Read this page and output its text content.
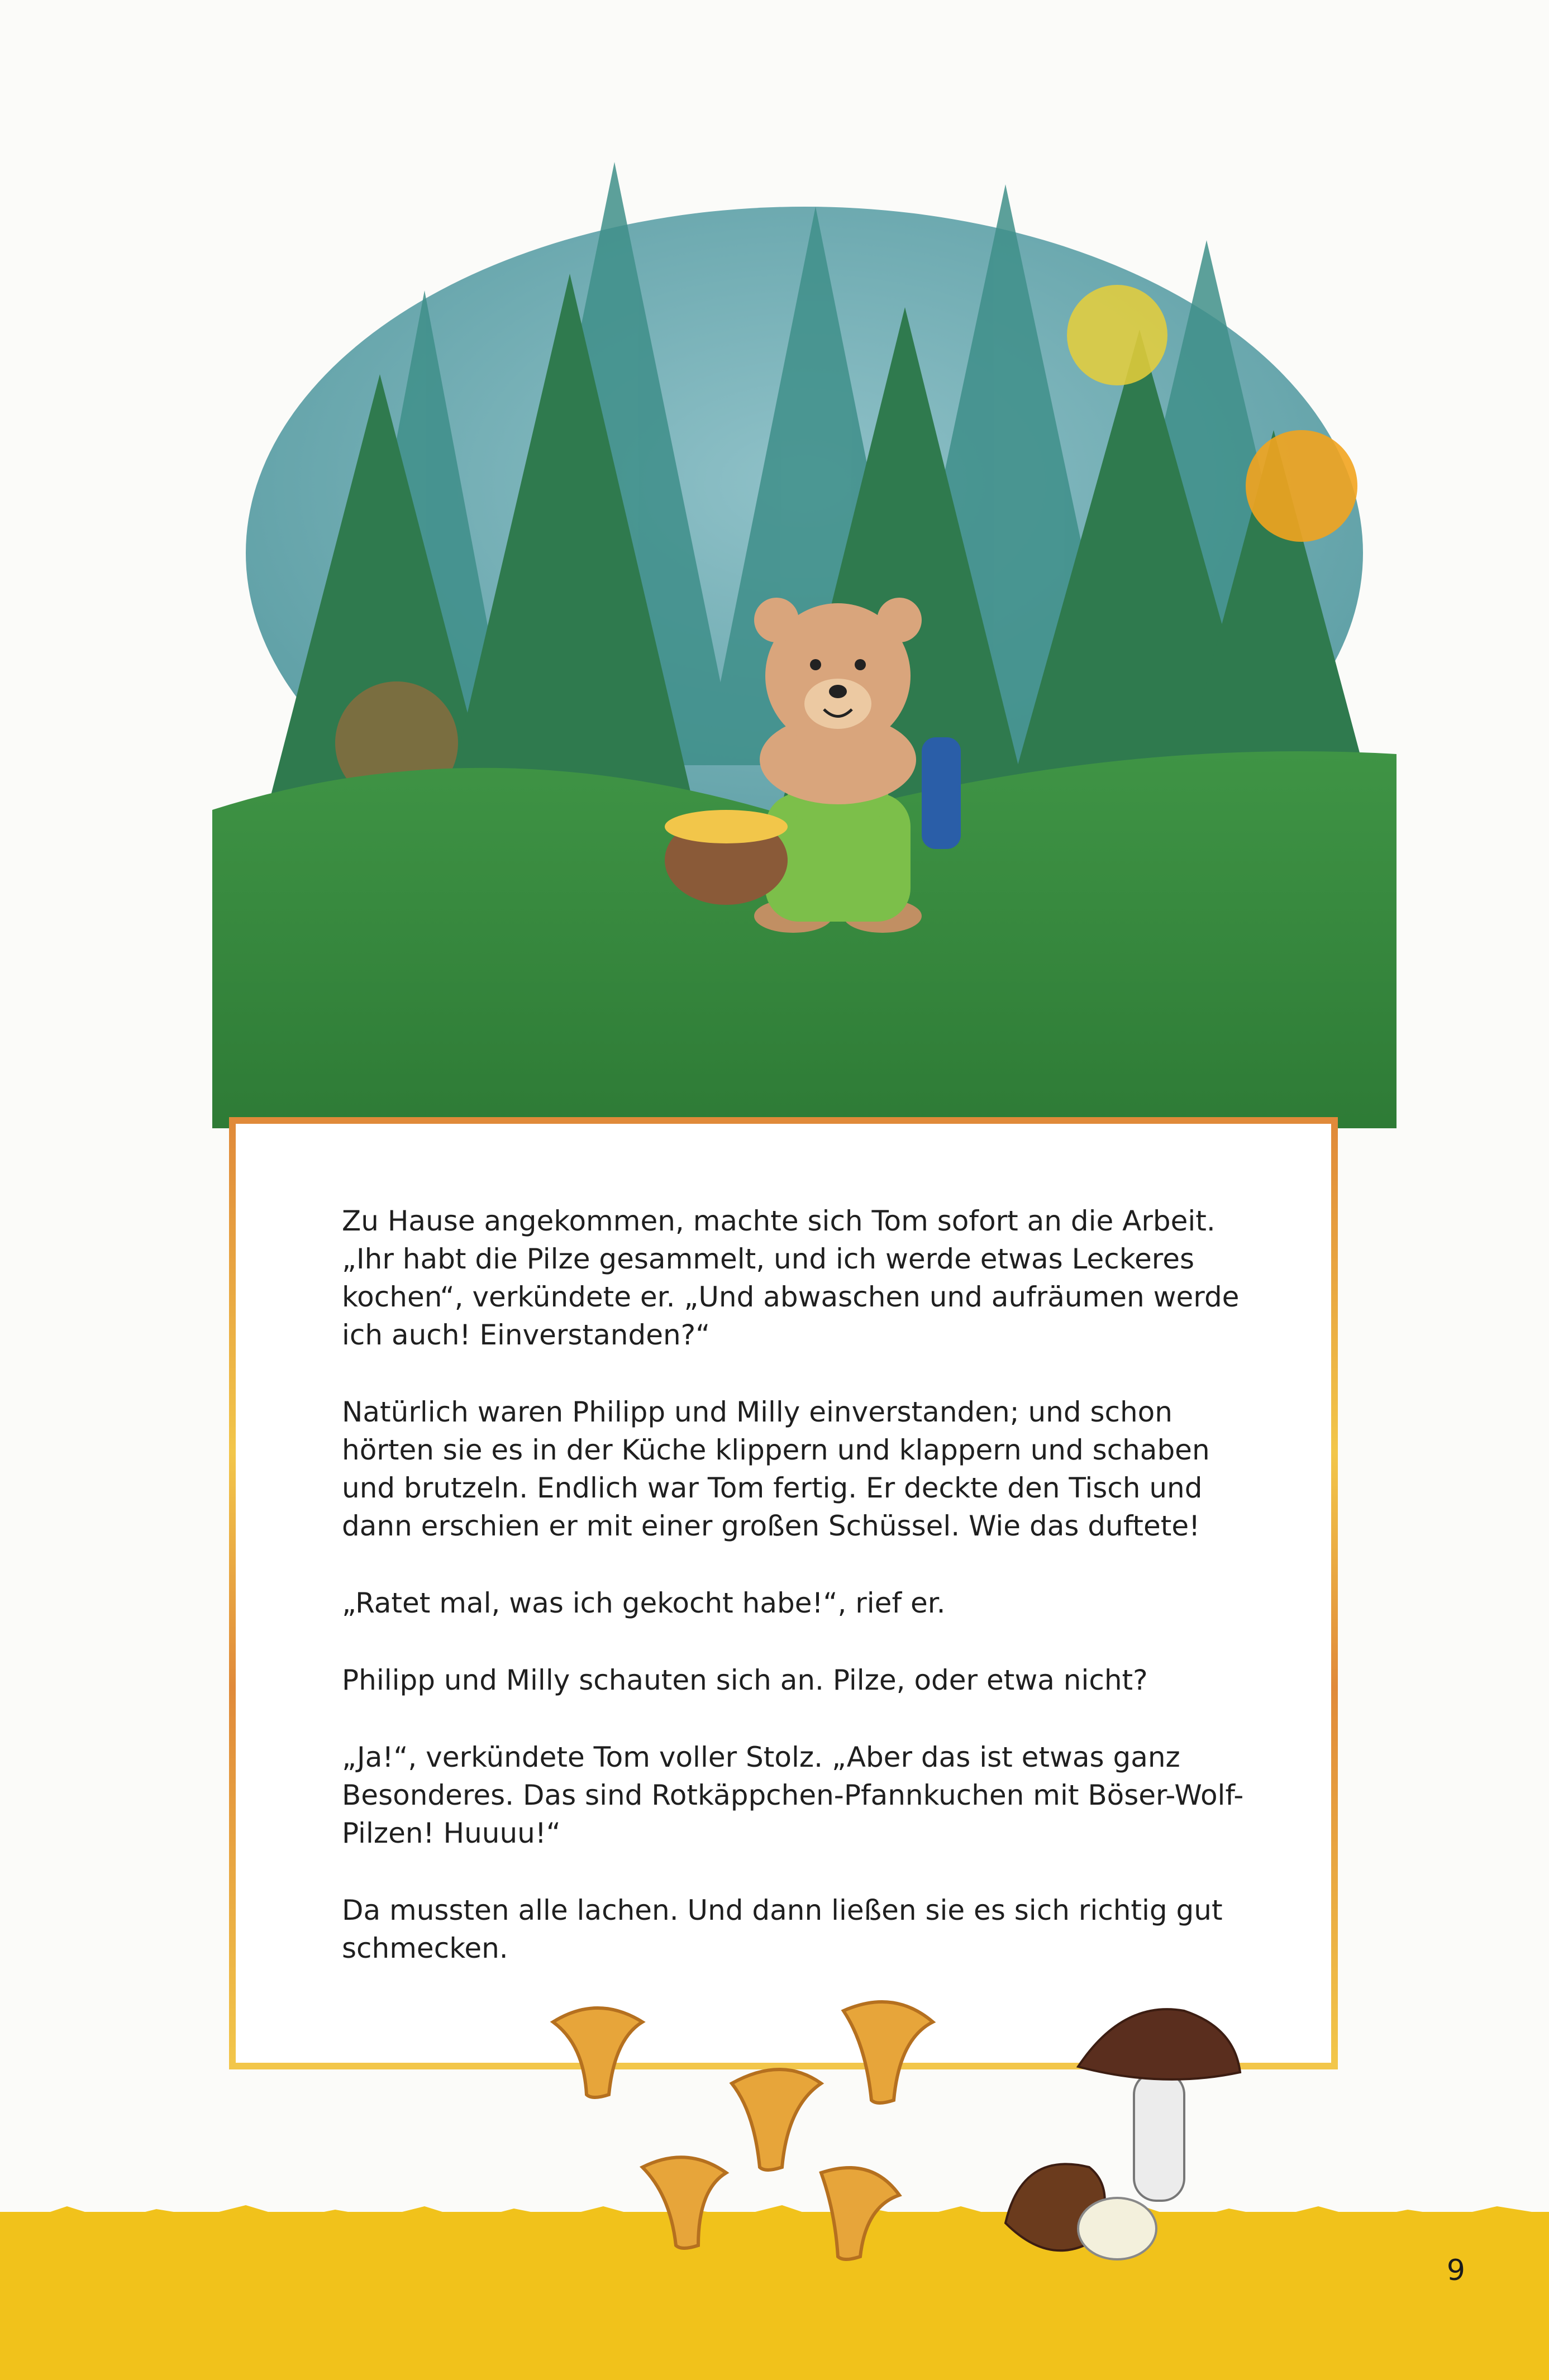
Zu Hause angekommen, machte sich Tom sofort an die Arbeit. „Ihr habt die Pilze gesammelt, und ich werde etwas Leckeres kochen“, verkündete er. „Und abwaschen und aufräumen werde ich auch! Einverstanden?“

Natürlich waren Philipp und Milly einverstanden; und schon hörten sie es in der Küche klippern und klappern und schaben und brutzeln. Endlich war Tom fertig. Er deckte den Tisch und dann erschien er mit einer großen Schüssel. Wie das duftete!

„Ratet mal, was ich gekocht habe!“, rief er.

Philipp und Milly schauten sich an. Pilze, oder etwa nicht?

„Ja!“, verkündete Tom voller Stolz. „Aber das ist etwas ganz Besonderes. Das sind Rotkäppchen-Pfannkuchen mit Böser-Wolf-Pilzen! Huuuu!“

Da mussten alle lachen. Und dann ließen sie es sich richtig gut schmecken.

9
